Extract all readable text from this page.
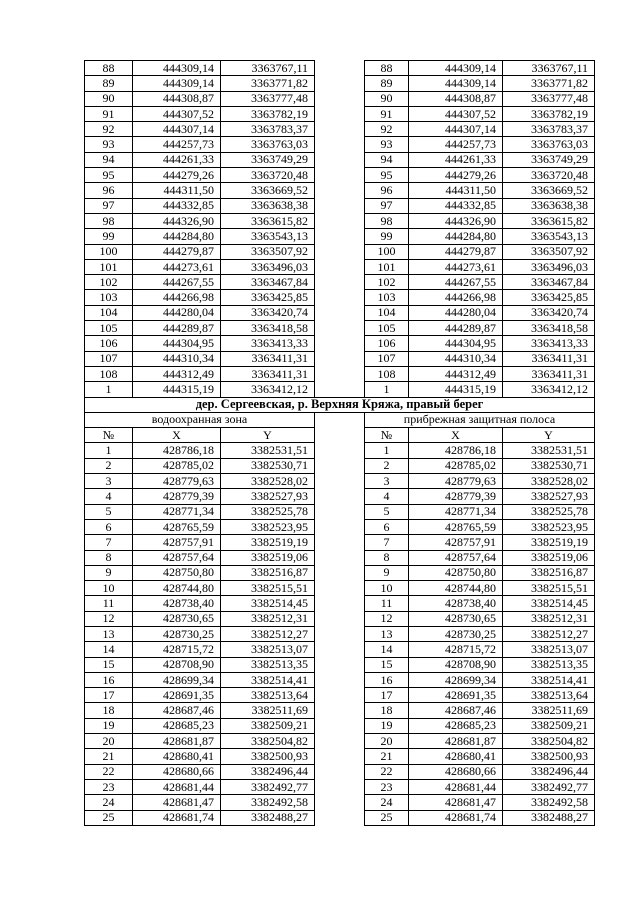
88	444309,14	3363767,11		88	444309,14	3363767,11
89	444309,14	3363771,82		89	444309,14	3363771,82
90	444308,87	3363777,48		90	444308,87	3363777,48
91	444307,52	3363782,19		91	444307,52	3363782,19
92	444307,14	3363783,37		92	444307,14	3363783,37
93	444257,73	3363763,03		93	444257,73	3363763,03
94	444261,33	3363749,29		94	444261,33	3363749,29
95	444279,26	3363720,48		95	444279,26	3363720,48
96	444311,50	3363669,52		96	444311,50	3363669,52
97	444332,85	3363638,38		97	444332,85	3363638,38
98	444326,90	3363615,82		98	444326,90	3363615,82
99	444284,80	3363543,13		99	444284,80	3363543,13
100	444279,87	3363507,92		100	444279,87	3363507,92
101	444273,61	3363496,03		101	444273,61	3363496,03
102	444267,55	3363467,84		102	444267,55	3363467,84
103	444266,98	3363425,85		103	444266,98	3363425,85
104	444280,04	3363420,74		104	444280,04	3363420,74
105	444289,87	3363418,58		105	444289,87	3363418,58
106	444304,95	3363413,33		106	444304,95	3363413,33
107	444310,34	3363411,31		107	444310,34	3363411,31
108	444312,49	3363411,31		108	444312,49	3363411,31
1	444315,19	3363412,12		1	444315,19	3363412,12
дер. Сергеевская, р. Верхняя Кряжа, правый берег						
водоохранная зона				прибрежная защитная полоса		
№	X	Y		№	X	Y
1	428786,18	3382531,51		1	428786,18	3382531,51
2	428785,02	3382530,71		2	428785,02	3382530,71
3	428779,63	3382528,02		3	428779,63	3382528,02
4	428779,39	3382527,93		4	428779,39	3382527,93
5	428771,34	3382525,78		5	428771,34	3382525,78
6	428765,59	3382523,95		6	428765,59	3382523,95
7	428757,91	3382519,19		7	428757,91	3382519,19
8	428757,64	3382519,06		8	428757,64	3382519,06
9	428750,80	3382516,87		9	428750,80	3382516,87
10	428744,80	3382515,51		10	428744,80	3382515,51
11	428738,40	3382514,45		11	428738,40	3382514,45
12	428730,65	3382512,31		12	428730,65	3382512,31
13	428730,25	3382512,27		13	428730,25	3382512,27
14	428715,72	3382513,07		14	428715,72	3382513,07
15	428708,90	3382513,35		15	428708,90	3382513,35
16	428699,34	3382514,41		16	428699,34	3382514,41
17	428691,35	3382513,64		17	428691,35	3382513,64
18	428687,46	3382511,69		18	428687,46	3382511,69
19	428685,23	3382509,21		19	428685,23	3382509,21
20	428681,87	3382504,82		20	428681,87	3382504,82
21	428680,41	3382500,93		21	428680,41	3382500,93
22	428680,66	3382496,44		22	428680,66	3382496,44
23	428681,44	3382492,77		23	428681,44	3382492,77
24	428681,47	3382492,58		24	428681,47	3382492,58
25	428681,74	3382488,27		25	428681,74	3382488,27
